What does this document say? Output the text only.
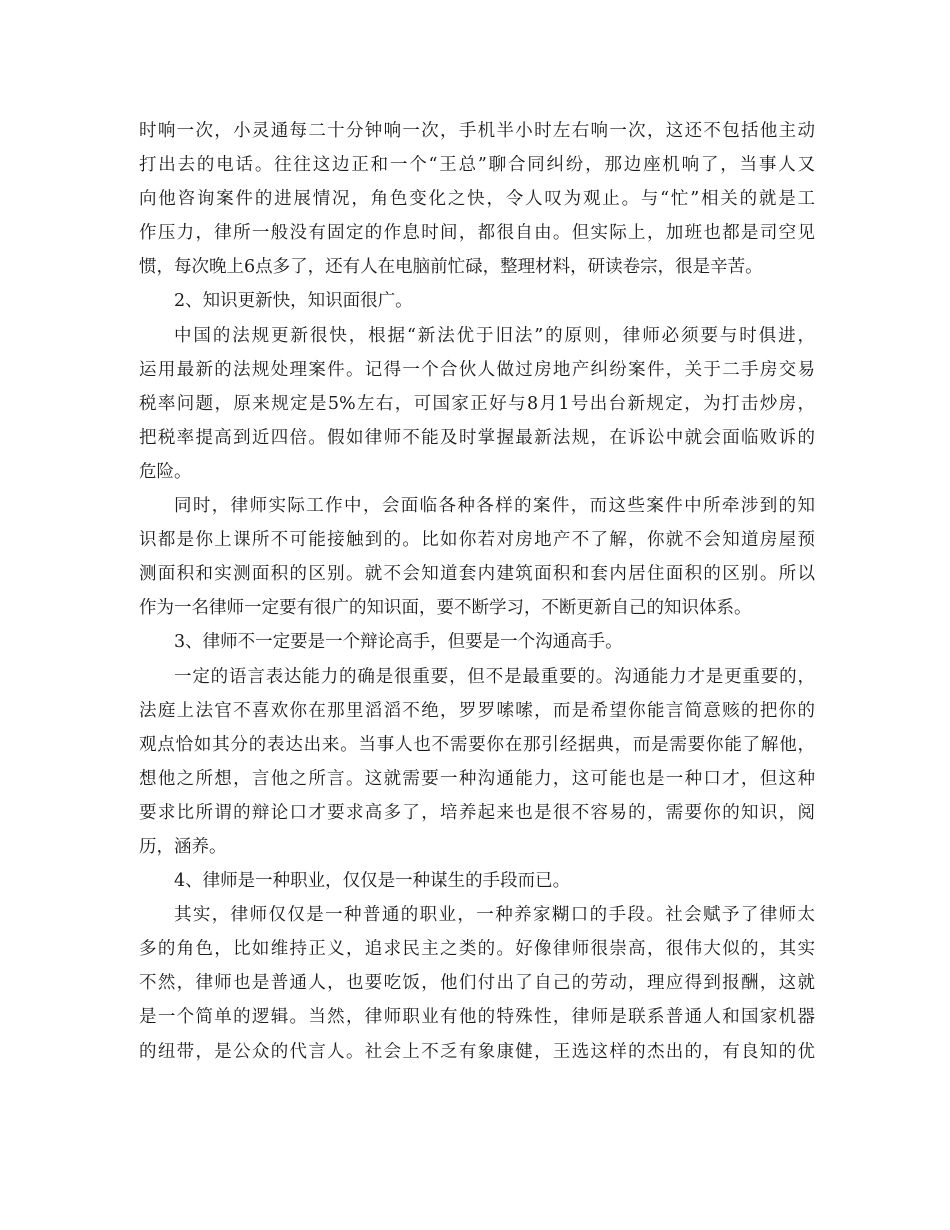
时响一次，小灵通每二十分钟响一次，手机半小时左右响一次，这还不包括他主动
打出去的电话。往往这边正和一个“王总”聊合同纠纷，那边座机响了，当事人又
向他咨询案件的进展情况，角色变化之快，令人叹为观止。与“忙”相关的就是工
作压力，律所一般没有固定的作息时间，都很自由。但实际上，加班也都是司空见
惯，每次晚上6点多了，还有人在电脑前忙碌，整理材料，研读卷宗，很是辛苦。
2、知识更新快，知识面很广。
中国的法规更新很快，根据“新法优于旧法”的原则，律师必须要与时俱进，
运用最新的法规处理案件。记得一个合伙人做过房地产纠纷案件，关于二手房交易
税率问题，原来规定是5%左右，可国家正好与8月1号出台新规定，为打击炒房，
把税率提高到近四倍。假如律师不能及时掌握最新法规，在诉讼中就会面临败诉的
危险。
同时，律师实际工作中，会面临各种各样的案件，而这些案件中所牵涉到的知
识都是你上课所不可能接触到的。比如你若对房地产不了解，你就不会知道房屋预
测面积和实测面积的区别。就不会知道套内建筑面积和套内居住面积的区别。所以
作为一名律师一定要有很广的知识面，要不断学习，不断更新自己的知识体系。
3、律师不一定要是一个辩论高手，但要是一个沟通高手。
一定的语言表达能力的确是很重要，但不是最重要的。沟通能力才是更重要的，
法庭上法官不喜欢你在那里滔滔不绝，罗罗嗦嗦，而是希望你能言简意赅的把你的
观点恰如其分的表达出来。当事人也不需要你在那引经据典，而是需要你能了解他，
想他之所想，言他之所言。这就需要一种沟通能力，这可能也是一种口才，但这种
要求比所谓的辩论口才要求高多了，培养起来也是很不容易的，需要你的知识，阅
历，涵养。
4、律师是一种职业，仅仅是一种谋生的手段而已。
其实，律师仅仅是一种普通的职业，一种养家糊口的手段。社会赋予了律师太
多的角色，比如维持正义，追求民主之类的。好像律师很崇高，很伟大似的，其实
不然，律师也是普通人，也要吃饭，他们付出了自己的劳动，理应得到报酬，这就
是一个简单的逻辑。当然，律师职业有他的特殊性，律师是联系普通人和国家机器
的纽带，是公众的代言人。社会上不乏有象康健，王选这样的杰出的，有良知的优
